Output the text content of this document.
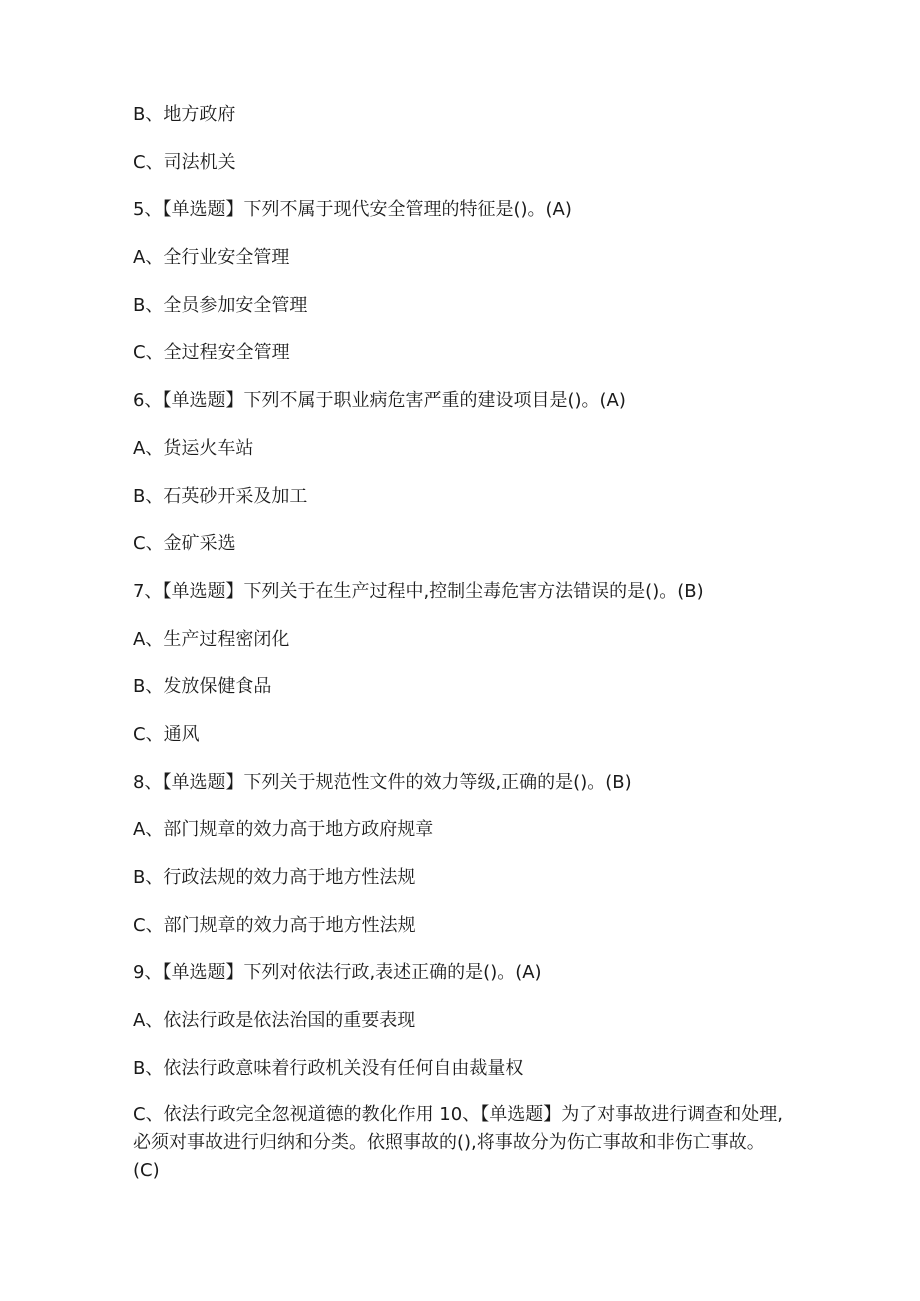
B、地方政府
C、司法机关
5、【单选题】下列不属于现代安全管理的特征是()。(A)
A、全行业安全管理
B、全员参加安全管理
C、全过程安全管理
6、【单选题】下列不属于职业病危害严重的建设项目是()。(A)
A、货运火车站
B、石英砂开采及加工
C、金矿采选
7、【单选题】下列关于在生产过程中,控制尘毒危害方法错误的是()。(B)
A、生产过程密闭化
B、发放保健食品
C、通风
8、【单选题】下列关于规范性文件的效力等级,正确的是()。(B)
A、部门规章的效力高于地方政府规章
B、行政法规的效力高于地方性法规
C、部门规章的效力高于地方性法规
9、【单选题】下列对依法行政,表述正确的是()。(A)
A、依法行政是依法治国的重要表现
B、依法行政意味着行政机关没有任何自由裁量权

C、依法行政完全忽视道德的教化作用 10、【单选题】为了对事故进行调查和处理,必须对事故进行归纳和分类。依照事故的(),将事故分为伤亡事故和非伤亡事故。(C)
